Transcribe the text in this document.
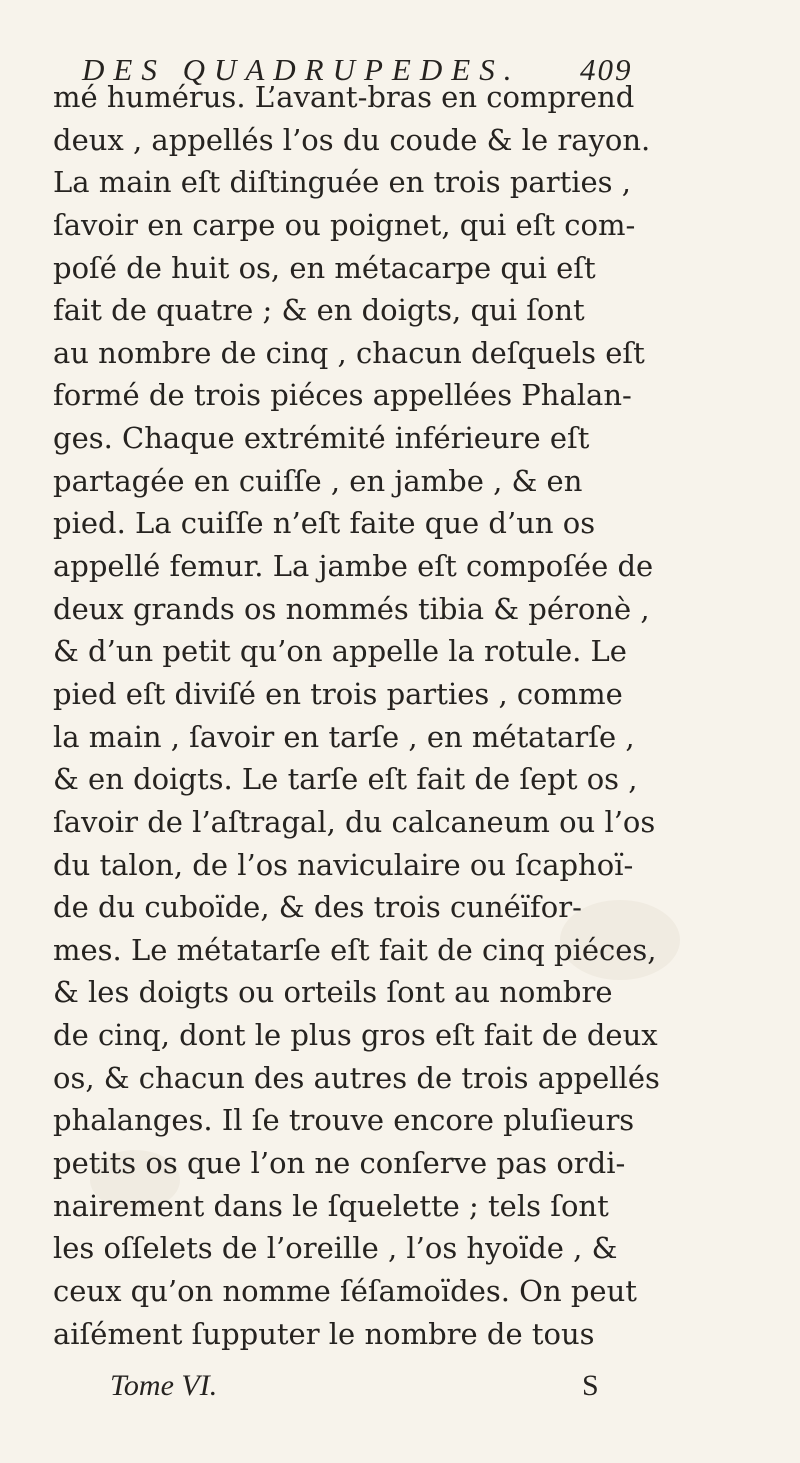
DES QUADRUPEDES. 409
mé humérus. L’avant-bras en comprend
deux , appellés l’os du coude & le rayon.
La main eſt diſtinguée en trois parties ,
ſavoir en carpe ou poignet, qui eſt com-
poſé de huit os, en métacarpe qui eſt
fait de quatre ; & en doigts, qui ſont
au nombre de cinq , chacun deſquels eſt
formé de trois piéces appellées Phalan-
ges. Chaque extrémité inférieure eſt
partagée en cuiſſe , en jambe , & en
pied. La cuiſſe n’eſt faite que d’un os
appellé femur. La jambe eſt compoſée de
deux grands os nommés tibia & péronè ,
& d’un petit qu’on appelle la rotule. Le
pied eſt diviſé en trois parties , comme
la main , ſavoir en tarſe , en métatarſe ,
& en doigts. Le tarſe eſt fait de ſept os ,
ſavoir de l’aſtragal, du calcaneum ou l’os
du talon, de l’os naviculaire ou ſcaphoï-
de du cuboïde, & des trois cunéïfor-
mes. Le métatarſe eſt fait de cinq piéces,
& les doigts ou orteils ſont au nombre
de cinq, dont le plus gros eſt fait de deux
os, & chacun des autres de trois appellés
phalanges. Il ſe trouve encore pluſieurs
petits os que l’on ne conſerve pas ordi-
nairement dans le ſquelette ; tels ſont
les oſſelets de l’oreille , l’os hyoïde , &
ceux qu’on nomme ſéſamoïdes. On peut
aiſément ſupputer le nombre de tous
Tome VI.	S
